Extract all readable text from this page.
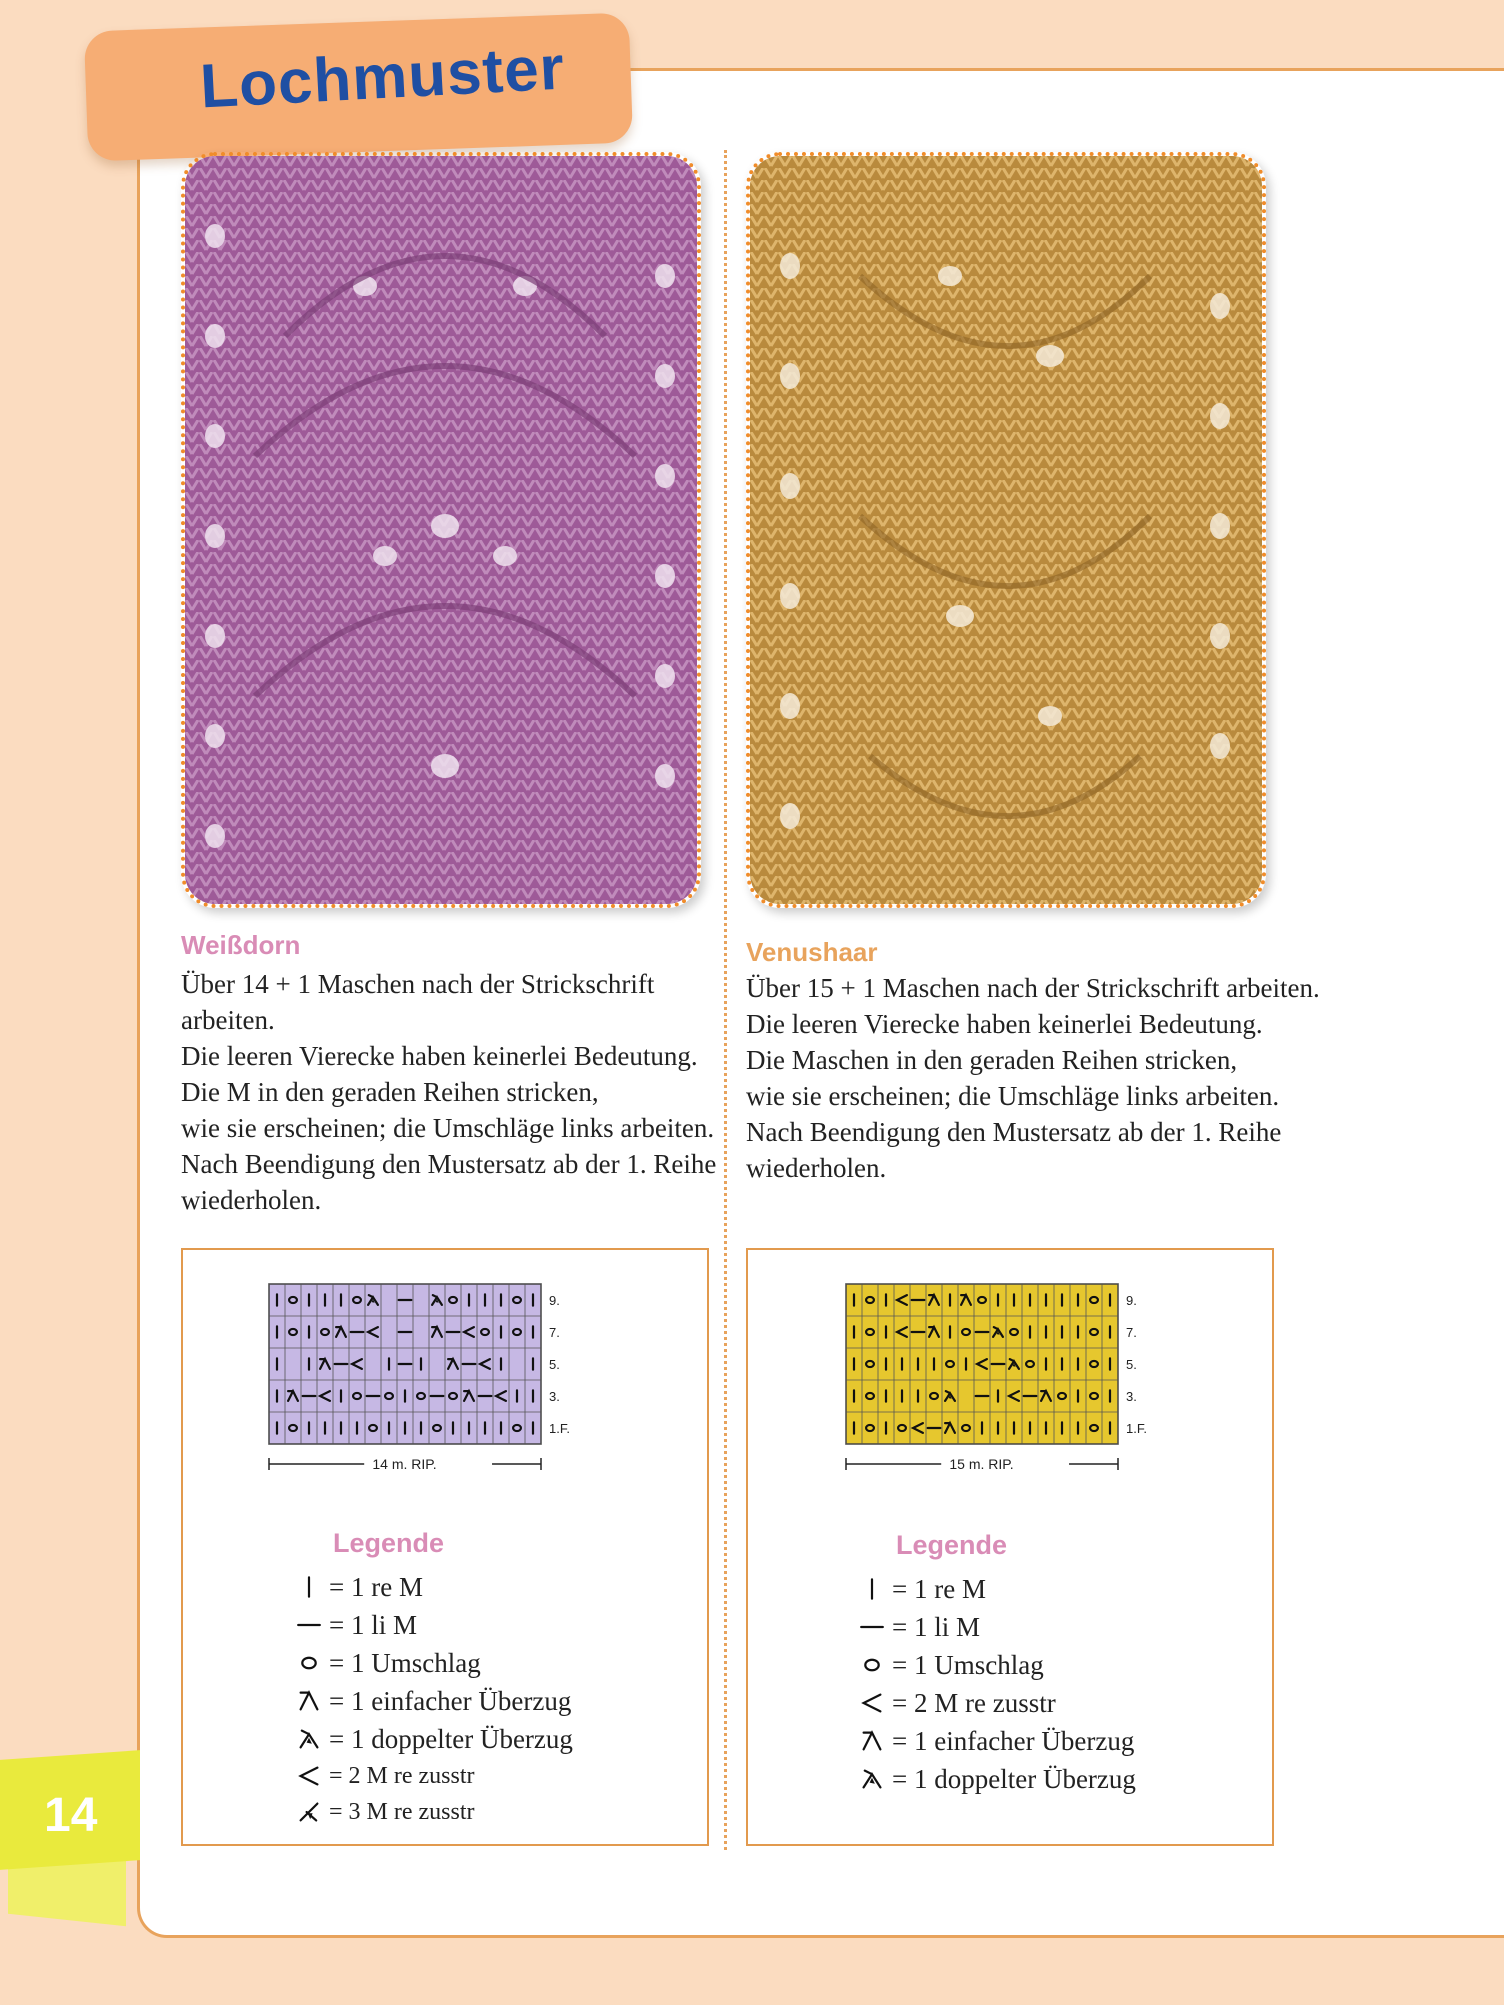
Lochmuster
Weißdorn
Über 14 + 1 Maschen nach der Strickschrift
arbeiten.
Die leeren Vierecke haben keinerlei Bedeutung.
Die M in den geraden Reihen stricken,
wie sie erscheinen; die Umschläge links arbeiten.
Nach Beendigung den Mustersatz ab der 1. Reihe
wiederholen.
Venushaar
Über 15 + 1 Maschen nach der Strickschrift arbeiten.
Die leeren Vierecke haben keinerlei Bedeutung.
Die Maschen in den geraden Reihen stricken,
wie sie erscheinen; die Umschläge links arbeiten.
Nach Beendigung den Mustersatz ab der 1. Reihe
wiederholen.
9.
7.
5.
3.
1.F.
14 m. RIP.
Legende
= 1 re M
= 1 li M
= 1 Umschlag
= 1 einfacher Überzug
= 1 doppelter Überzug
= 2 M re zusstr
= 3 M re zusstr
9.
7.
5.
3.
1.F.
15 m. RIP.
Legende
= 1 re M
= 1 li M
= 1 Umschlag
= 2 M re zusstr
= 1 einfacher Überzug
= 1 doppelter Überzug
14
